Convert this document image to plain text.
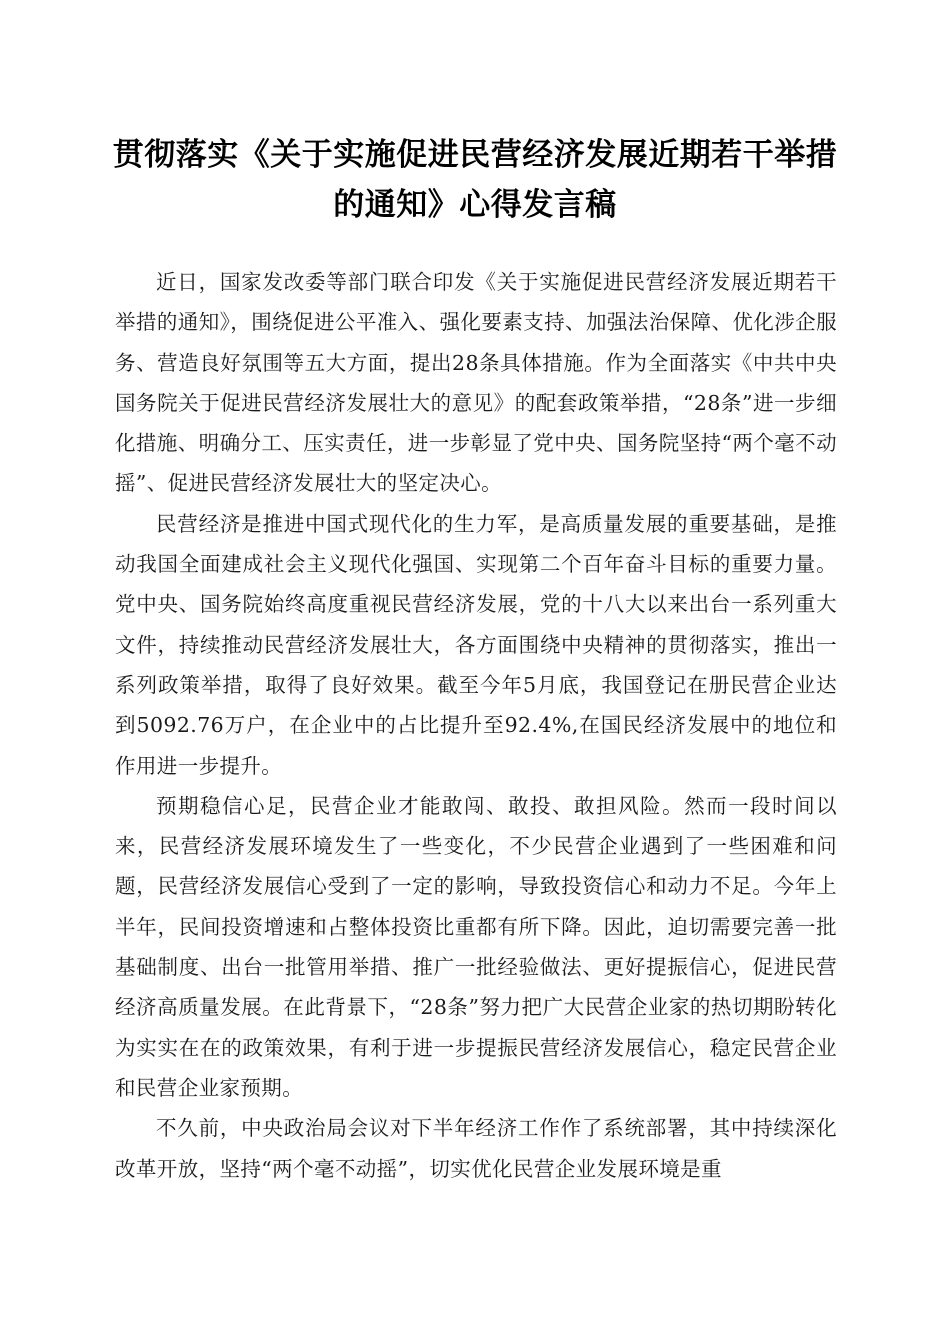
贯彻落实《关于实施促进民营经济发展近期若干举措的通知》心得发言稿

近日，国家发改委等部门联合印发《关于实施促进民营经济发展近期若干举措的通知》，围绕促进公平准入、强化要素支持、加强法治保障、优化涉企服务、营造良好氛围等五大方面，提出28条具体措施。作为全面落实《中共中央国务院关于促进民营经济发展壮大的意见》的配套政策举措，“28条”进一步细化措施、明确分工、压实责任，进一步彰显了党中央、国务院坚持“两个毫不动摇”、促进民营经济发展壮大的坚定决心。

民营经济是推进中国式现代化的生力军，是高质量发展的重要基础，是推动我国全面建成社会主义现代化强国、实现第二个百年奋斗目标的重要力量。党中央、国务院始终高度重视民营经济发展，党的十八大以来出台一系列重大文件，持续推动民营经济发展壮大，各方面围绕中央精神的贯彻落实，推出一系列政策举措，取得了良好效果。截至今年5月底，我国登记在册民营企业达到5092.76万户，在企业中的占比提升至92.4%,在国民经济发展中的地位和作用进一步提升。

预期稳信心足，民营企业才能敢闯、敢投、敢担风险。然而一段时间以来，民营经济发展环境发生了一些变化，不少民营企业遇到了一些困难和问题，民营经济发展信心受到了一定的影响，导致投资信心和动力不足。今年上半年，民间投资增速和占整体投资比重都有所下降。因此，迫切需要完善一批基础制度、出台一批管用举措、推广一批经验做法、更好提振信心，促进民营经济高质量发展。在此背景下，“28条”努力把广大民营企业家的热切期盼转化为实实在在的政策效果，有利于进一步提振民营经济发展信心，稳定民营企业和民营企业家预期。

不久前，中央政治局会议对下半年经济工作作了系统部署，其中持续深化改革开放，坚持“两个毫不动摇”，切实优化民营企业发展环境是重
